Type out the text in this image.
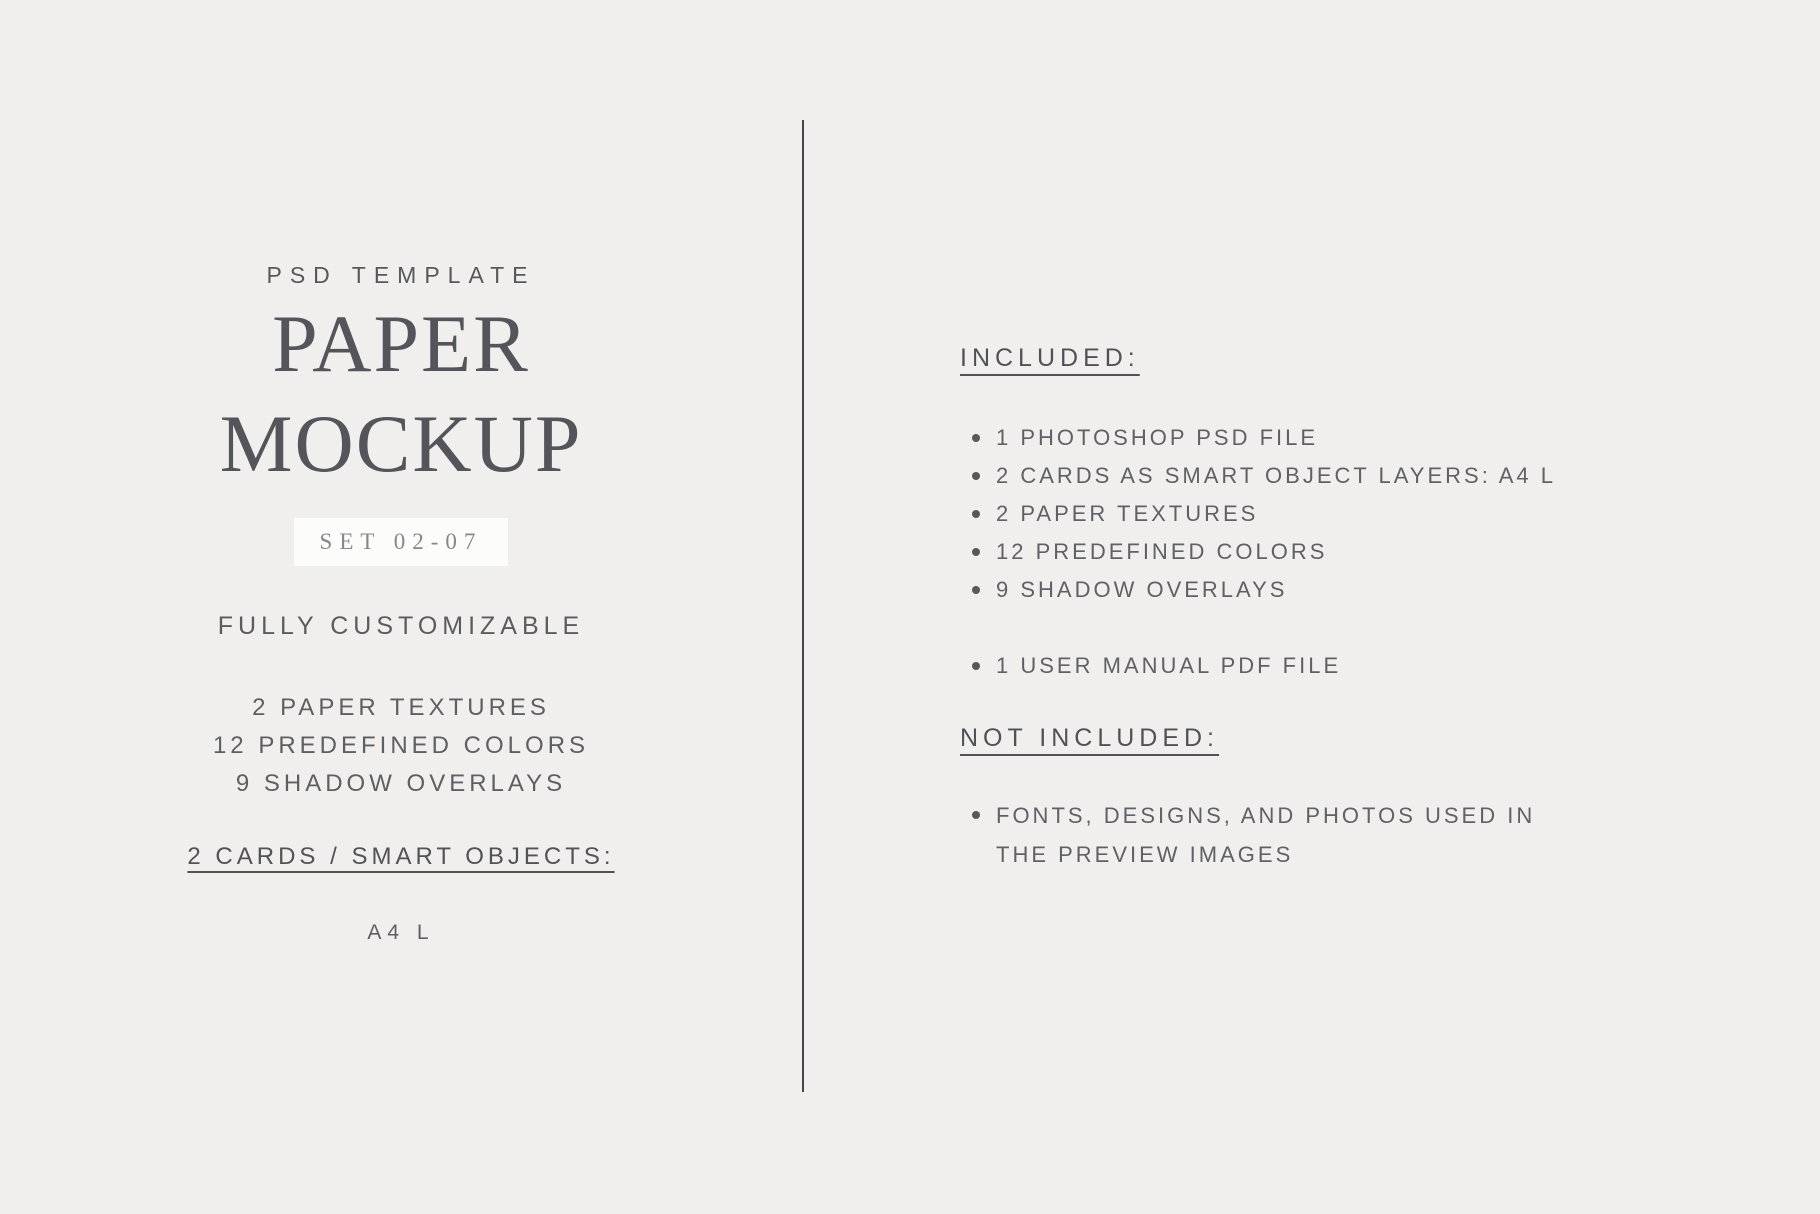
PSD TEMPLATE
PAPER
MOCKUP
SET 02-07
FULLY CUSTOMIZABLE
2 PAPER TEXTURES
12 PREDEFINED COLORS
9 SHADOW OVERLAYS
2 CARDS / SMART OBJECTS:
A4 L
INCLUDED:
1 PHOTOSHOP PSD FILE
2 CARDS AS SMART OBJECT LAYERS: A4 L
2 PAPER TEXTURES
12 PREDEFINED COLORS
9 SHADOW OVERLAYS
1 USER MANUAL PDF FILE
NOT INCLUDED:
FONTS, DESIGNS, AND PHOTOS USED IN THE PREVIEW IMAGES
